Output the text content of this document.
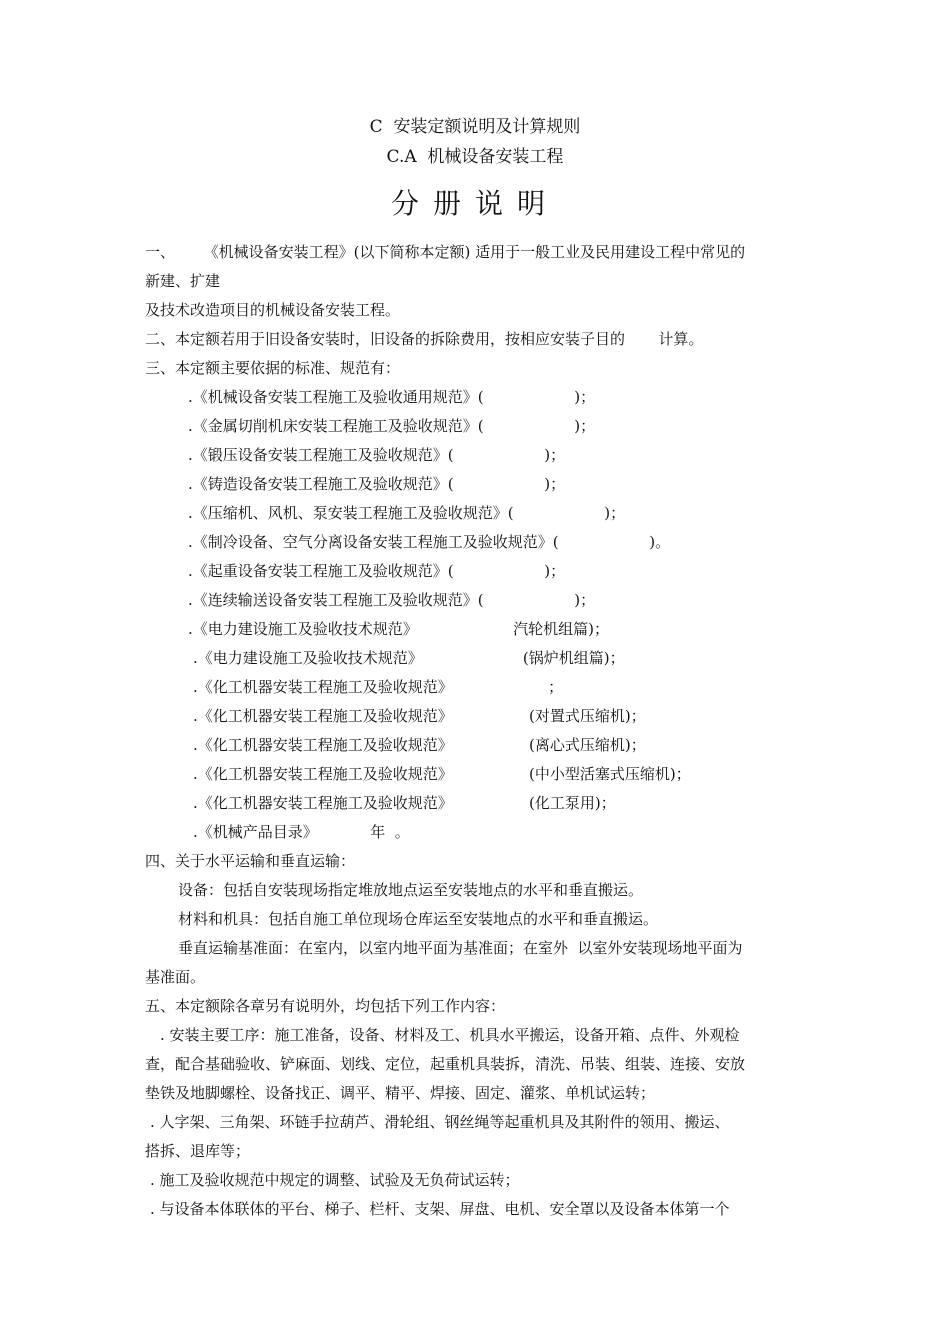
C  安装定额说明及计算规则
C.A  机械设备安装工程
分册说明
一、      《机械设备安装工程》(以下简称本定额) 适用于一般工业及民用建设工程中常见的
新建、扩建
及技术改造项目的机械设备安装工程。
二、本定额若用于旧设备安装时，旧设备的拆除费用，按相应安装子目的       计算。
三、本定额主要依据的标准、规范有：
.《机械设备安装工程施工及验收通用规范》(                   )；
.《金属切削机床安装工程施工及验收规范》(                   )；
.《锻压设备安装工程施工及验收规范》(                   )；
.《铸造设备安装工程施工及验收规范》(                   )；
.《压缩机、风机、泵安装工程施工及验收规范》(                   )；
.《制冷设备、空气分离设备安装工程施工及验收规范》(                   )。
.《起重设备安装工程施工及验收规范》(                   )；
.《连续输送设备安装工程施工及验收规范》(                   )；
.《电力建设施工及验收技术规范》                    汽轮机组篇)；
.《电力建设施工及验收技术规范》                     (锅炉机组篇)；
.《化工机器安装工程施工及验收规范》                    ；
.《化工机器安装工程施工及验收规范》                (对置式压缩机)；
.《化工机器安装工程施工及验收规范》                (离心式压缩机)；
.《化工机器安装工程施工及验收规范》                (中小型活塞式压缩机)；
.《化工机器安装工程施工及验收规范》                (化工泵用)；
.《机械产品目录》           年  。
四、关于水平运输和垂直运输：
设备：包括自安装现场指定堆放地点运至安装地点的水平和垂直搬运。
材料和机具：包括自施工单位现场仓库运至安装地点的水平和垂直搬运。
垂直运输基准面：在室内，以室内地平面为基准面；在室外  以室外安装现场地平面为
基准面。
五、本定额除各章另有说明外，均包括下列工作内容：
. 安装主要工序：施工准备，设备、材料及工、机具水平搬运，设备开箱、点件、外观检
查，配合基础验收、铲麻面、划线、定位，起重机具装拆，清洗、吊装、组装、连接、安放
垫铁及地脚螺栓、设备找正、调平、精平、焊接、固定、灌浆、单机试运转；
. 人字架、三角架、环链手拉葫芦、滑轮组、钢丝绳等起重机具及其附件的领用、搬运、
搭拆、退库等；
. 施工及验收规范中规定的调整、试验及无负荷试运转；
. 与设备本体联体的平台、梯子、栏杆、支架、屏盘、电机、安全罩以及设备本体第一个
